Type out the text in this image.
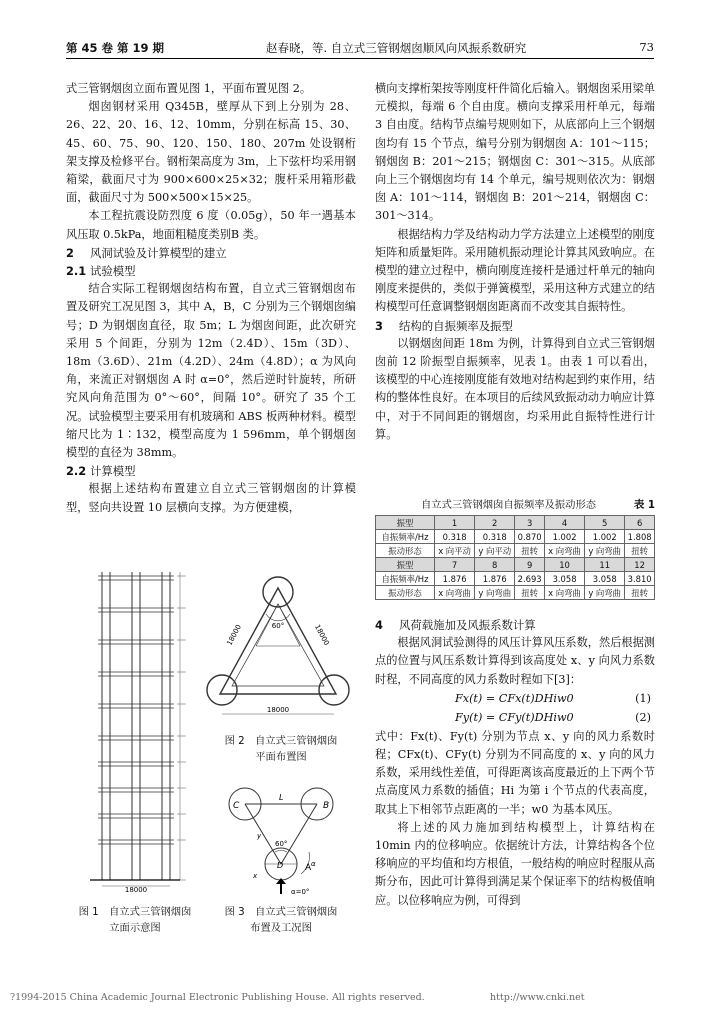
第 45 卷 第 19 期	赵春晓，等. 自立式三管钢烟囱顺风向风振系数研究	73

式三管钢烟囱立面布置见图 1，平面布置见图 2。

烟囱钢材采用 Q345B，壁厚从下到上分别为 28、26、22、20、16、12、10mm，分别在标高 15、30、45、60、75、90、120、150、180、207m 处设钢桁架支撑及检修平台。钢桁架高度为 3m，上下弦杆均采用钢箱梁，截面尺寸为 900×600×25×32；腹杆采用箱形截面，截面尺寸为 500×500×15×25。

本工程抗震设防烈度 6 度（0.05g），50 年一遇基本风压取 0.5kPa，地面粗糙度类别B 类。

2 风洞试验及计算模型的建立

2.1 试验模型

结合实际工程钢烟囱结构布置，自立式三管钢烟囱布置及研究工况见图 3，其中 A，B，C 分别为三个钢烟囱编号；D 为钢烟囱直径，取 5m；L 为烟囱间距，此次研究采用 5 个间距，分别为 12m（2.4D）、15m（3D）、18m（3.6D）、21m（4.2D）、24m（4.8D）；α 为风向角，来流正对钢烟囱 A 时 α=0°，然后逆时针旋转，所研究风向角范围为 0°～60°，间隔 10°。研究了 35 个工况。试验模型主要采用有机玻璃和 ABS 板两种材料。模型缩尺比为 1∶132，模型高度为 1 596mm，单个钢烟囱模型的直径为 38mm。

2.2 计算模型

根据上述结构布置建立自立式三管钢烟囱的计算模型，竖向共设置 10 层横向支撑。为方便建模，

18000
60°
18000
18000	18000
C	B
A
D
L
60°
α
x
y
α=0°
图 1　自立式三管钢烟囱
立面示意图
图 2　自立式三管钢烟囱
平面布置图
图 3　自立式三管钢烟囱
布置及工况图

横向支撑桁架按等刚度杆件简化后输入。钢烟囱采用梁单元模拟，每端 6 个自由度。横向支撑采用杆单元，每端 3 自由度。结构节点编号规则如下，从底部向上三个钢烟囱均有 15 个节点，编号分别为钢烟囱 A：101～115；钢烟囱 B：201～215；钢烟囱 C：301～315。从底部向上三个钢烟囱均有 14 个单元，编号规则依次为：钢烟囱 A：101～114，钢烟囱 B：201～214，钢烟囱 C：301～314。

根据结构力学及结构动力学方法建立上述模型的刚度矩阵和质量矩阵。采用随机振动理论计算其风致响应。在模型的建立过程中，横向刚度连接杆是通过杆单元的轴向刚度来提供的，类似于弹簧模型，采用这种方式建立的结构模型可任意调整钢烟囱距离而不改变其自振特性。

3 结构的自振频率及振型

以钢烟囱间距 18m 为例，计算得到自立式三管钢烟囱前 12 阶振型自振频率，见表 1。由表 1 可以看出，该模型的中心连接刚度能有效地对结构起到约束作用，结构的整体性良好。在本项目的后续风致振动动力响应计算中，对于不同间距的钢烟囱，均采用此自振特性进行计算。

自立式三管钢烟囱自振频率及振动形态	表 1
振型	1	2	3	4	5	6
自振频率/Hz	0.318	0.318	0.870	1.002	1.002	1.808
振动形态	x 向平动	y 向平动	扭转	x 向弯曲	y 向弯曲	扭转
振型	7	8	9	10	11	12
自振频率/Hz	1.876	1.876	2.693	3.058	3.058	3.810
振动形态	x 向弯曲	y 向弯曲	扭转	x 向弯曲	y 向弯曲	扭转

4 风荷载施加及风振系数计算

根据风洞试验测得的风压计算风压系数，然后根据测点的位置与风压系数计算得到该高度处 x、y 向风力系数时程，不同高度的风力系数时程如下[3]：

Fx(t) = CFx(t)DHiw0	(1)
Fy(t) = CFy(t)DHiw0	(2)

式中：Fx(t)、Fy(t) 分别为节点 x、y 向的风力系数时程；CFx(t)、CFy(t) 分别为不同高度的 x、y 向的风力系数，采用线性差值，可得距离该高度最近的上下两个节点高度风力系数的插值；Hi 为第 i 个节点的代表高度，取其上下相邻节点距离的一半；w0 为基本风压。

将上述的风力施加到结构模型上，计算结构在 10min 内的位移响应。依据统计方法，计算结构各个位移响应的平均值和均方根值，一般结构的响应时程服从高斯分布，因此可计算得到满足某个保证率下的结构极值响应。以位移响应为例，可得到

?1994-2015 China Academic Journal Electronic Publishing House. All rights reserved.	http://www.cnki.net
